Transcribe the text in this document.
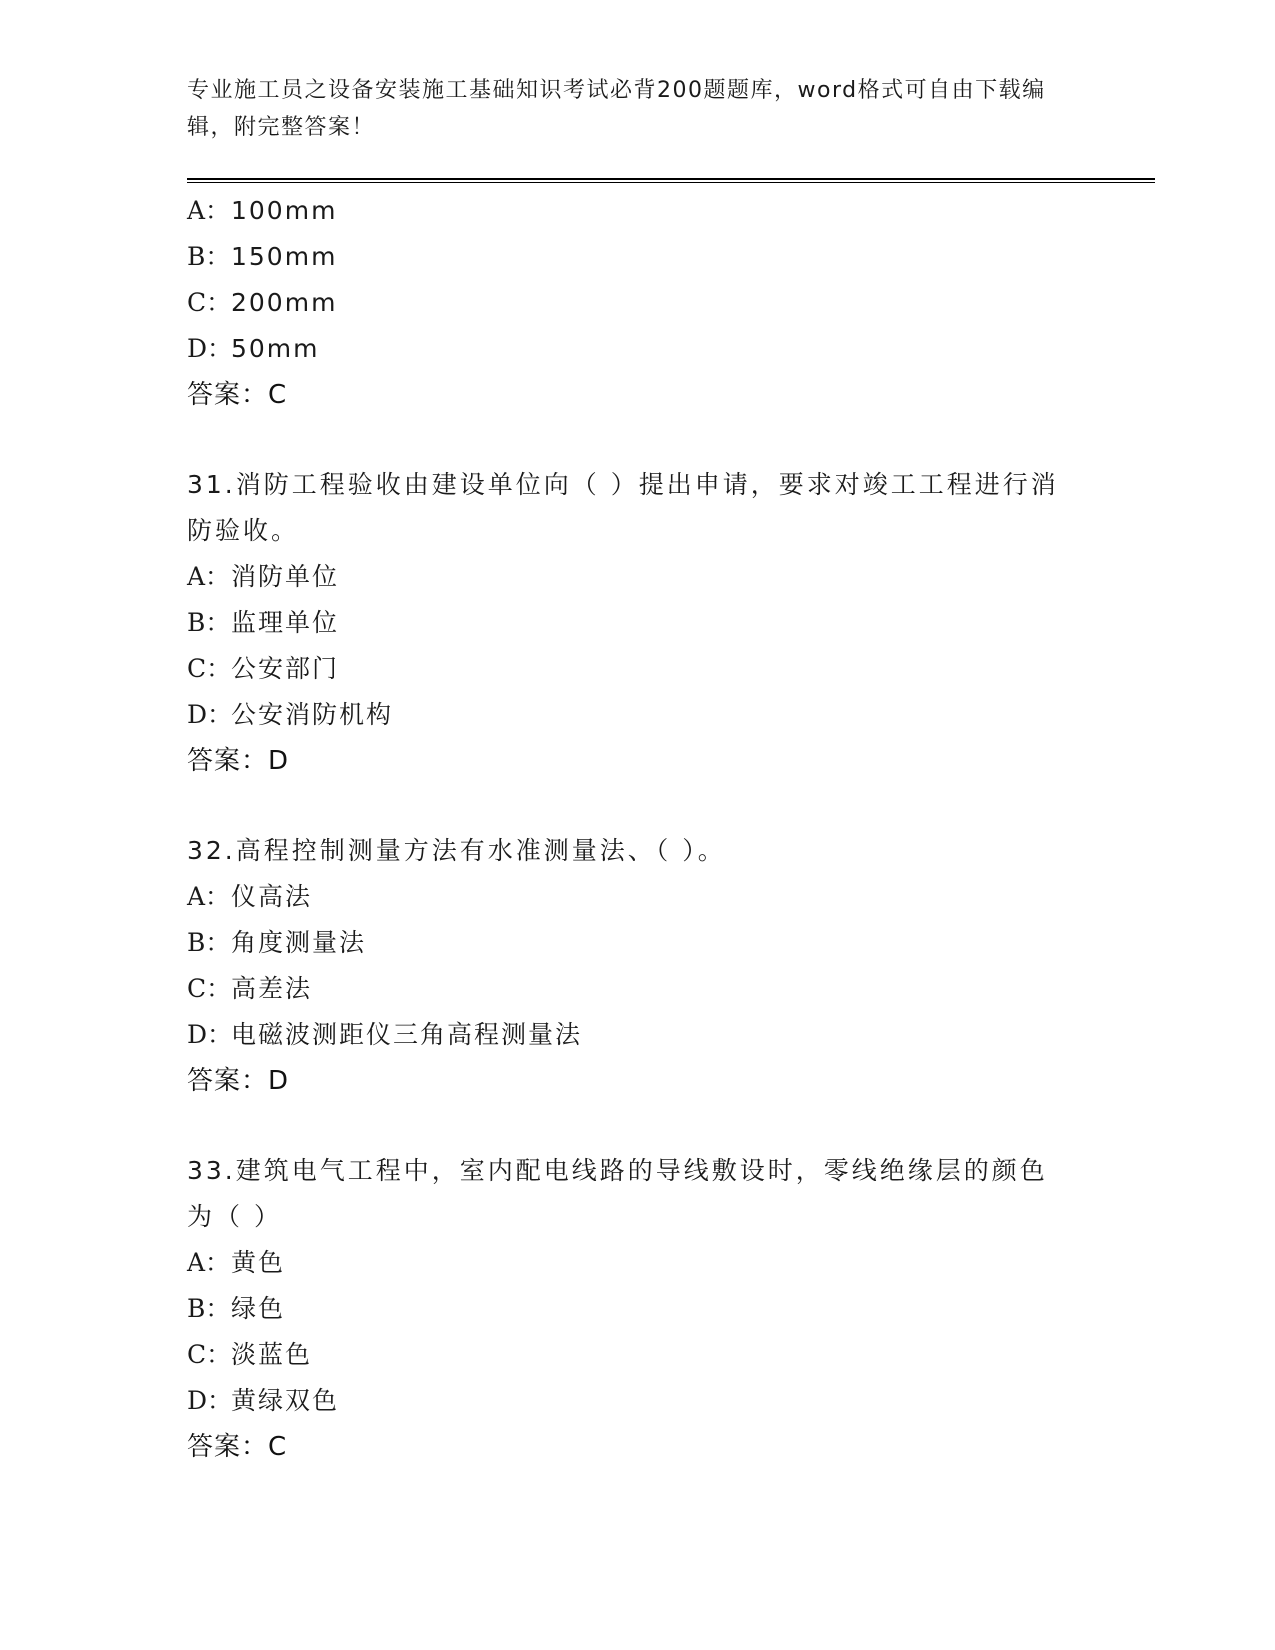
专业施工员之设备安装施工基础知识考试必背200题题库，word格式可自由下载编辑，附完整答案！
A：100mm
B：150mm
C：200mm
D：50mm
答案：C
31.消防工程验收由建设单位向（ ）提出申请，要求对竣工工程进行消防验收。
A：消防单位
B：监理单位
C：公安部门
D：公安消防机构
答案：D
32.高程控制测量方法有水准测量法、（ ）。
A：仪高法
B：角度测量法
C：高差法
D：电磁波测距仪三角高程测量法
答案：D
33.建筑电气工程中，室内配电线路的导线敷设时，零线绝缘层的颜色为（ ）
A：黄色
B：绿色
C：淡蓝色
D：黄绿双色
答案：C
